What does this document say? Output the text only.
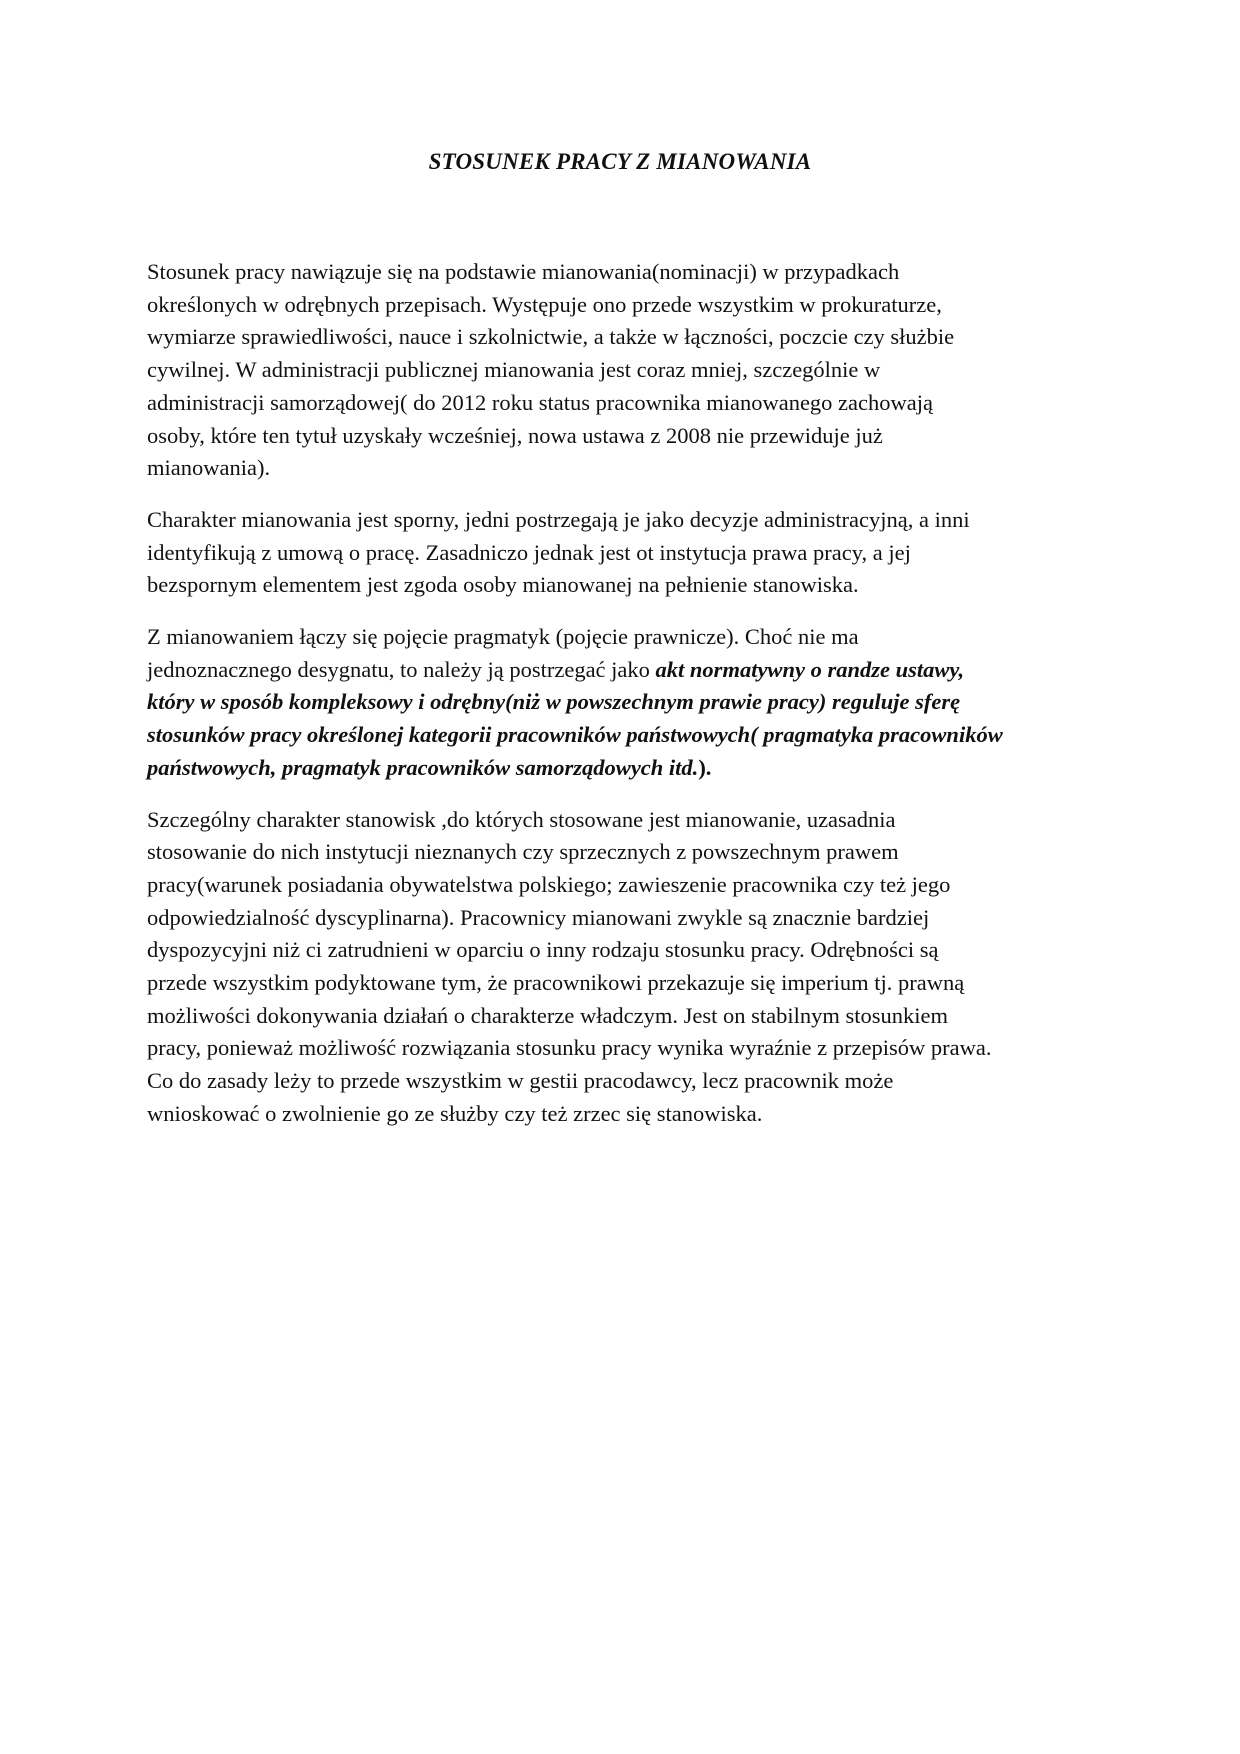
STOSUNEK PRACY Z MIANOWANIA

Stosunek pracy nawiązuje się na podstawie mianowania(nominacji) w przypadkach
określonych w odrębnych przepisach. Występuje ono przede wszystkim w prokuraturze,
wymiarze sprawiedliwości, nauce i szkolnictwie, a także w łączności, poczcie czy służbie
cywilnej. W administracji publicznej mianowania jest coraz mniej, szczególnie w
administracji samorządowej( do 2012 roku status pracownika mianowanego zachowają
osoby, które ten tytuł uzyskały wcześniej, nowa ustawa z 2008 nie przewiduje już
mianowania).

Charakter mianowania jest sporny, jedni postrzegają je jako decyzje administracyjną, a inni
identyfikują z umową o pracę. Zasadniczo jednak jest ot instytucja prawa pracy, a jej
bezspornym elementem jest zgoda osoby mianowanej na pełnienie stanowiska.

Z mianowaniem łączy się pojęcie pragmatyk (pojęcie prawnicze). Choć nie ma
jednoznacznego desygnatu, to należy ją postrzegać jako akt normatywny o randze ustawy,
który w sposób kompleksowy i odrębny(niż w powszechnym prawie pracy) reguluje sferę
stosunków pracy określonej kategorii pracowników państwowych( pragmatyka pracowników
państwowych, pragmatyk pracowników samorządowych itd.).

Szczególny charakter stanowisk ,do których stosowane jest mianowanie, uzasadnia
stosowanie do nich instytucji nieznanych czy sprzecznych z powszechnym prawem
pracy(warunek posiadania obywatelstwa polskiego; zawieszenie pracownika czy też jego
odpowiedzialność dyscyplinarna). Pracownicy mianowani zwykle są znacznie bardziej
dyspozycyjni niż ci zatrudnieni w oparciu o inny rodzaju stosunku pracy. Odrębności są
przede wszystkim podyktowane tym, że pracownikowi przekazuje się imperium tj. prawną
możliwości dokonywania działań o charakterze władczym. Jest on stabilnym stosunkiem
pracy, ponieważ możliwość rozwiązania stosunku pracy wynika wyraźnie z przepisów prawa.
Co do zasady leży to przede wszystkim w gestii pracodawcy, lecz pracownik może
wnioskować o zwolnienie go ze służby czy też zrzec się stanowiska.
